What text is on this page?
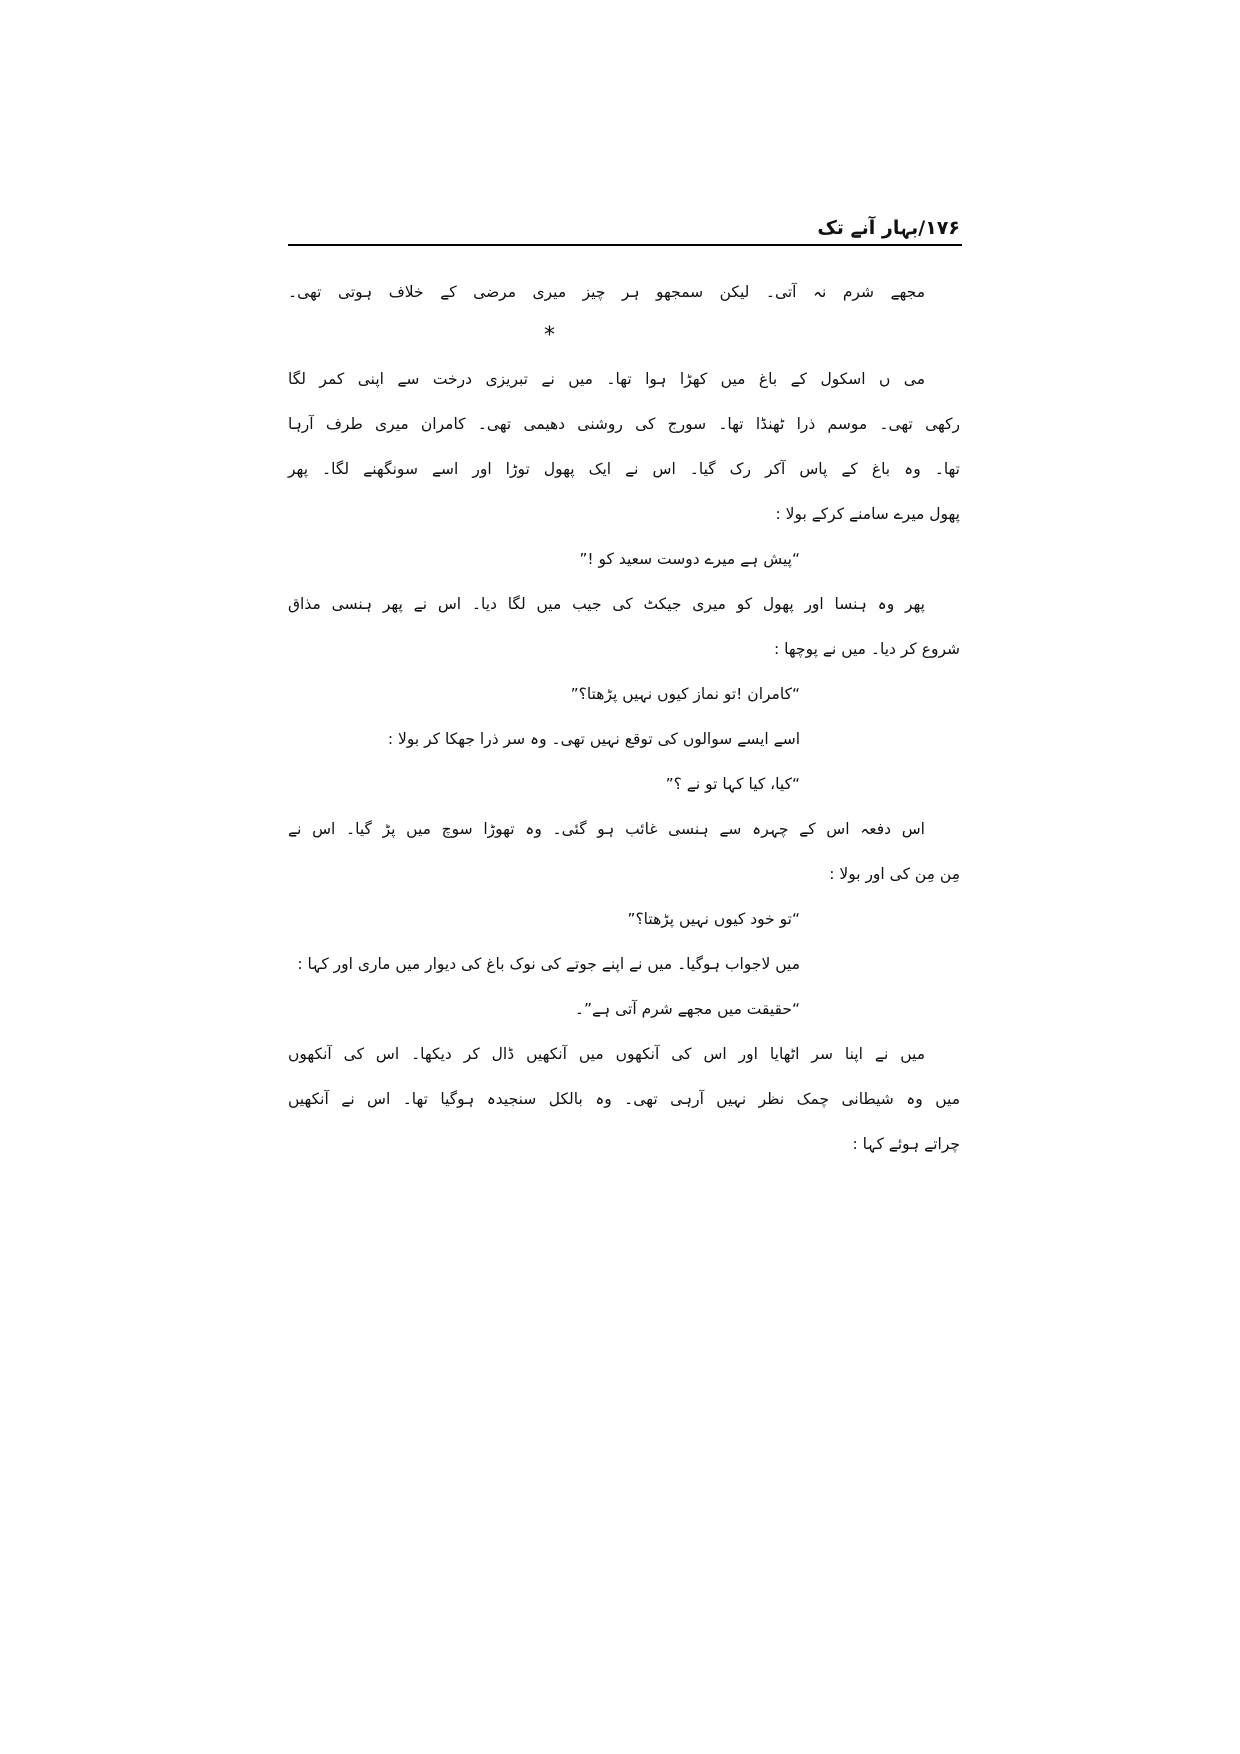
۱۷۶/بہار آنے تک
مجھے شرم نہ آتی۔ لیکن سمجھو ہر چیز میری مرضی کے خلاف ہوتی تھی۔
*
می ں اسکول کے باغ میں کھڑا ہوا تھا۔ میں نے تبریزی درخت سے اپنی کمر لگا
رکھی تھی۔ موسم ذرا ٹھنڈا تھا۔ سورج کی روشنی دھیمی تھی۔ کامران میری طرف آرہا
تھا۔ وہ باغ کے پاس آکر رک گیا۔ اس نے ایک پھول توڑا اور اسے سونگھنے لگا۔ پھر
پھول میرے سامنے کرکے بولا :
“پیش ہے میرے دوست سعید کو !”
پھر وہ ہنسا اور پھول کو میری جیکٹ کی جیب میں لگا دیا۔ اس نے پھر ہنسی مذاق
شروع کر دیا۔ میں نے پوچھا :
“کامران !تو نماز کیوں نہیں پڑھتا؟”
اسے ایسے سوالوں کی توقع نہیں تھی۔ وہ سر ذرا جھکا کر بولا :
“کیا، کیا کہا تو نے ؟”
اس دفعہ اس کے چہرہ سے ہنسی غائب ہو گئی۔ وہ تھوڑا سوچ میں پڑ گیا۔ اس نے
مِن مِن کی اور بولا :
“تو خود کیوں نہیں پڑھتا؟”
میں لاجواب ہوگیا۔ میں نے اپنے جوتے کی نوک باغ کی دیوار میں ماری اور کہا :
“حقیقت میں مجھے شرم آتی ہے”۔
میں نے اپنا سر اٹھایا اور اس کی آنکھوں میں آنکھیں ڈال کر دیکھا۔ اس کی آنکھوں
میں وہ شیطانی چمک نظر نہیں آرہی تھی۔ وہ بالکل سنجیدہ ہوگیا تھا۔ اس نے آنکھیں
چراتے ہوئے کہا :
